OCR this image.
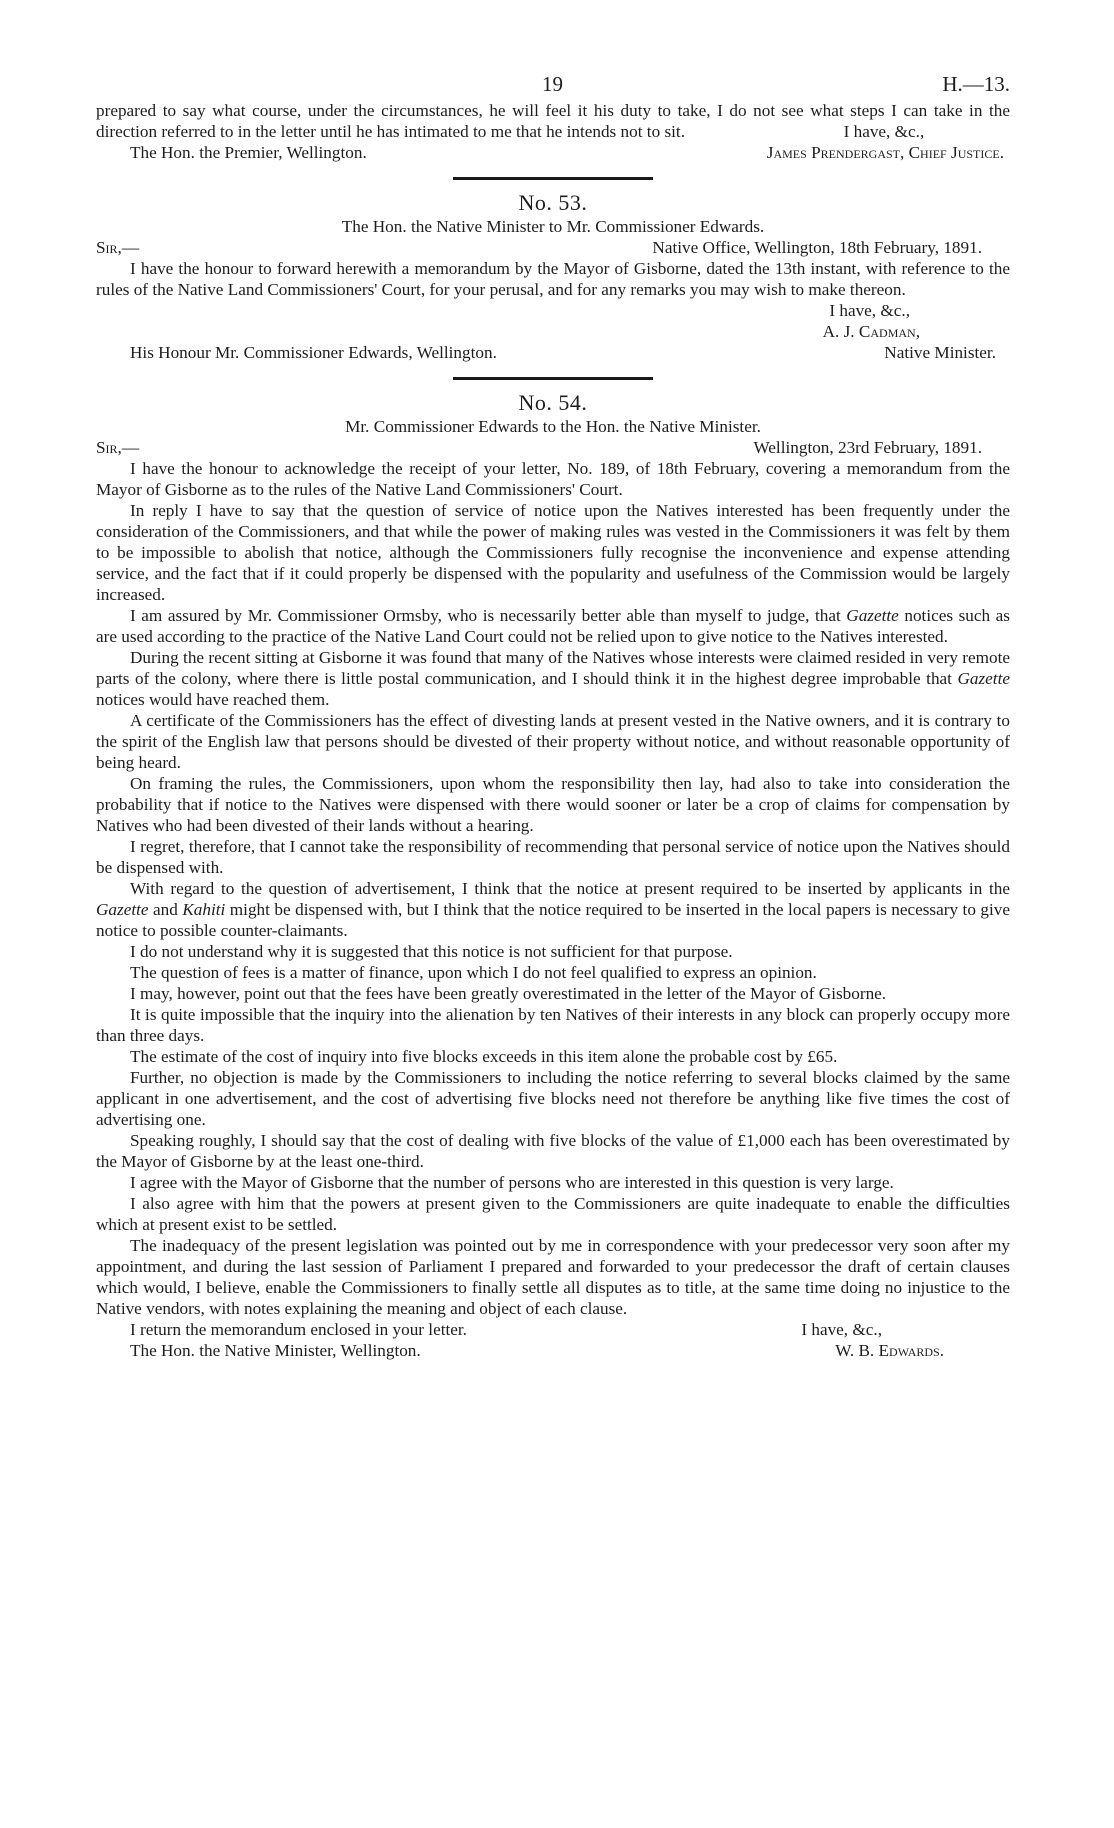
19	H.—13.

prepared to say what course, under the circumstances, he will feel it his duty to take, I do not see what steps I can take in the direction referred to in the letter until he has intimated to me that he intends not to sit.	I have, &c.,

The Hon. the Premier, Wellington.	James Prendergast, Chief Justice.
No. 53.
The Hon. the Native Minister to Mr. Commissioner Edwards.
Sir,—	Native Office, Wellington, 18th February, 1891.

I have the honour to forward herewith a memorandum by the Mayor of Gisborne, dated the 13th instant, with reference to the rules of the Native Land Commissioners' Court, for your perusal, and for any remarks you may wish to make thereon.

I have, &c.,
A. J. Cadman,
His Honour Mr. Commissioner Edwards, Wellington.	Native Minister.
No. 54.
Mr. Commissioner Edwards to the Hon. the Native Minister.
Sir,—	Wellington, 23rd February, 1891.

I have the honour to acknowledge the receipt of your letter, No. 189, of 18th February, covering a memorandum from the Mayor of Gisborne as to the rules of the Native Land Commissioners' Court.

In reply I have to say that the question of service of notice upon the Natives interested has been frequently under the consideration of the Commissioners, and that while the power of making rules was vested in the Commissioners it was felt by them to be impossible to abolish that notice, although the Commissioners fully recognise the inconvenience and expense attending service, and the fact that if it could properly be dispensed with the popularity and usefulness of the Commission would be largely increased.

I am assured by Mr. Commissioner Ormsby, who is necessarily better able than myself to judge, that Gazette notices such as are used according to the practice of the Native Land Court could not be relied upon to give notice to the Natives interested.

During the recent sitting at Gisborne it was found that many of the Natives whose interests were claimed resided in very remote parts of the colony, where there is little postal communication, and I should think it in the highest degree improbable that Gazette notices would have reached them.

A certificate of the Commissioners has the effect of divesting lands at present vested in the Native owners, and it is contrary to the spirit of the English law that persons should be divested of their property without notice, and without reasonable opportunity of being heard.

On framing the rules, the Commissioners, upon whom the responsibility then lay, had also to take into consideration the probability that if notice to the Natives were dispensed with there would sooner or later be a crop of claims for compensation by Natives who had been divested of their lands without a hearing.

I regret, therefore, that I cannot take the responsibility of recommending that personal service of notice upon the Natives should be dispensed with.

With regard to the question of advertisement, I think that the notice at present required to be inserted by applicants in the Gazette and Kahiti might be dispensed with, but I think that the notice required to be inserted in the local papers is necessary to give notice to possible counter-claimants.

I do not understand why it is suggested that this notice is not sufficient for that purpose.

The question of fees is a matter of finance, upon which I do not feel qualified to express an opinion.

I may, however, point out that the fees have been greatly overestimated in the letter of the Mayor of Gisborne.

It is quite impossible that the inquiry into the alienation by ten Natives of their interests in any block can properly occupy more than three days.

The estimate of the cost of inquiry into five blocks exceeds in this item alone the probable cost by £65.

Further, no objection is made by the Commissioners to including the notice referring to several blocks claimed by the same applicant in one advertisement, and the cost of advertising five blocks need not therefore be anything like five times the cost of advertising one.

Speaking roughly, I should say that the cost of dealing with five blocks of the value of £1,000 each has been overestimated by the Mayor of Gisborne by at the least one-third.

I agree with the Mayor of Gisborne that the number of persons who are interested in this question is very large.

I also agree with him that the powers at present given to the Commissioners are quite inadequate to enable the difficulties which at present exist to be settled.

The inadequacy of the present legislation was pointed out by me in correspondence with your predecessor very soon after my appointment, and during the last session of Parliament I prepared and forwarded to your predecessor the draft of certain clauses which would, I believe, enable the Commissioners to finally settle all disputes as to title, at the same time doing no injustice to the Native vendors, with notes explaining the meaning and object of each clause.

I return the memorandum enclosed in your letter.	I have, &c.,
The Hon. the Native Minister, Wellington.	W. B. Edwards.
